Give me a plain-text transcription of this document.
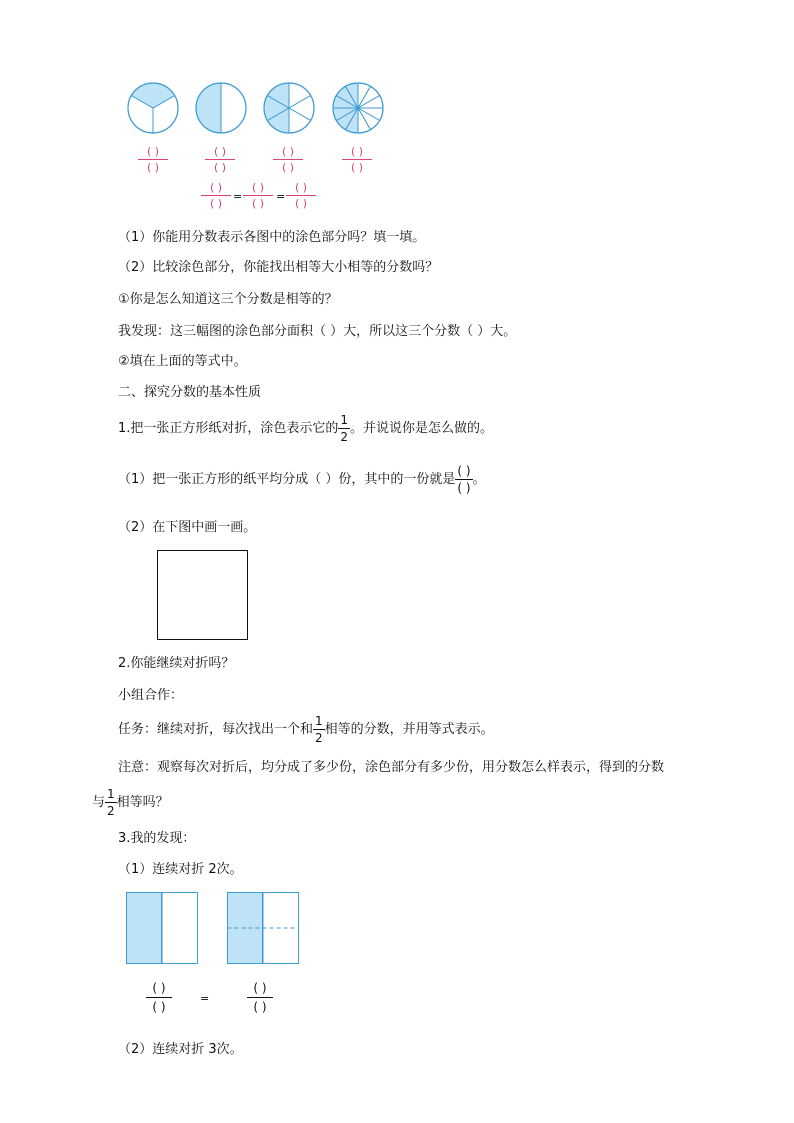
( )
( )
( )
( )
( )
( )
( )
( )
( )
( )
=
( )
( )
=
( )
( )
（1）你能用分数表示各图中的涂色部分吗？填一填。
（2）比较涂色部分，你能找出相等大小相等的分数吗？
①你是怎么知道这三个分数是相等的？
我发现：这三幅图的涂色部分面积（ ）大，所以这三个分数（ ）大。
②填在上面的等式中。
二、探究分数的基本性质
1.把一张正方形纸对折，涂色表示它的 $\frac{1}{2}$ 。并说说你是怎么做的。
（1）把一张正方形的纸平均分成（ ）份，其中的一份就是 $\frac{( )}{( )}$ 。
（2）在下图中画一画。
2.你能继续对折吗？
小组合作：
任务：继续对折，每次找出一个和 $\frac{1}{2}$ 相等的分数，并用等式表示。
注意：观察每次对折后，均分成了多少份，涂色部分有多少份，用分数怎么样表示，得到的分数
与 $\frac{1}{2}$ 相等吗？
3.我的发现：
（1）连续对折 2次。
( )
( )
=
( )
( )
（2）连续对折 3次。
